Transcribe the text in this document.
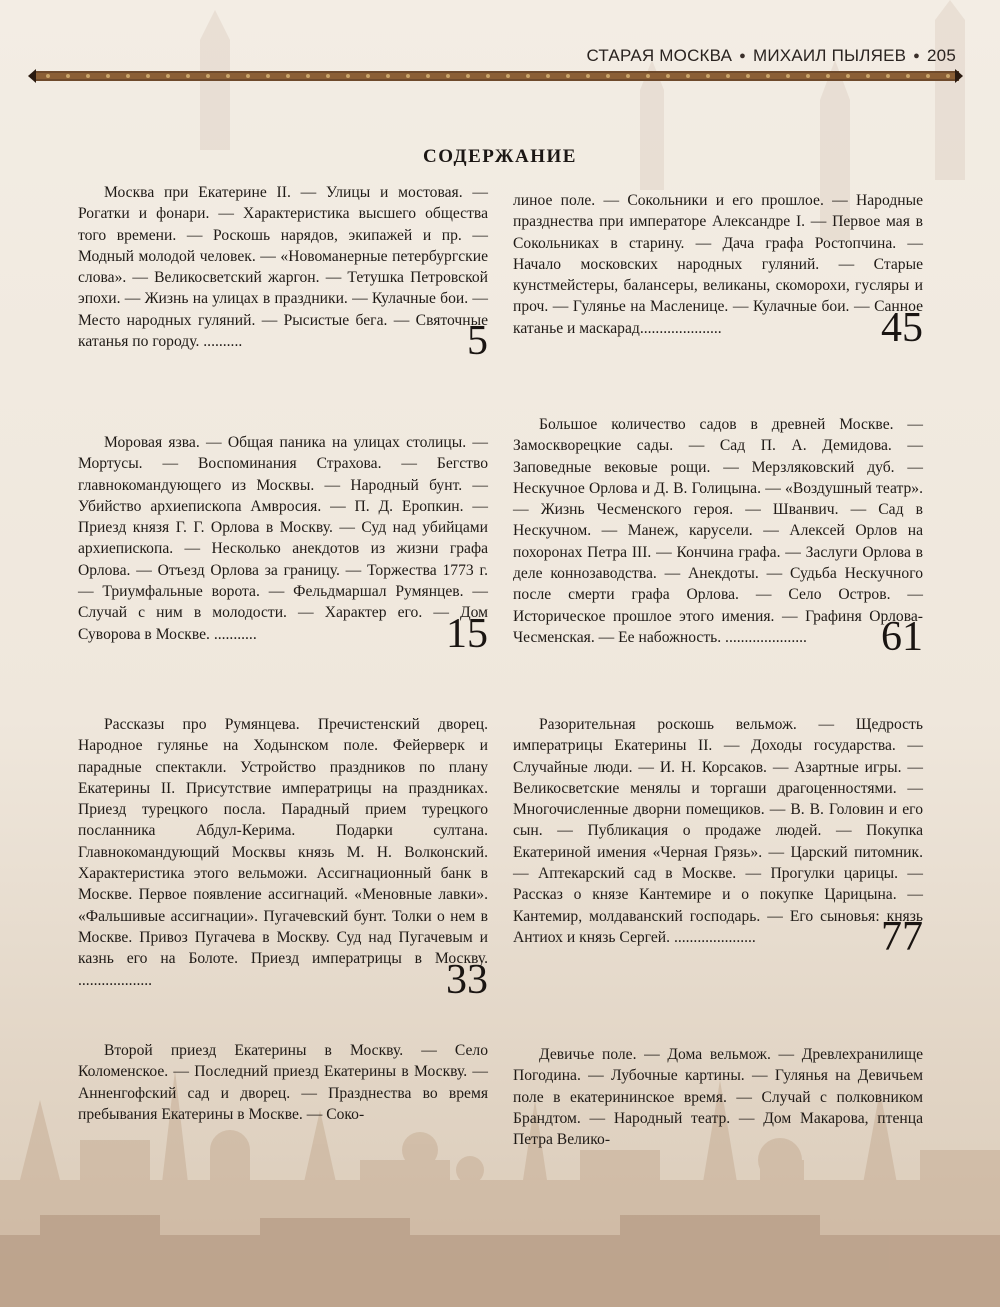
СТАРАЯ МОСКВА ● МИХАИЛ ПЫЛЯЕВ ● 205
СОДЕРЖАНИЕ

Москва при Екатерине II. — Улицы и мостовая. — Рогатки и фонари. — Характеристика высшего общества того времени. — Роскошь нарядов, экипажей и пр. — Модный молодой человек. — «Новоманерные петербургские слова». — Великосветский жаргон. — Тетушка Петровской эпохи. — Жизнь на улицах в праздники. — Кулачные бои. — Место народных гуляний. — Рысистые бега. — Святочные катанья по городу. ..........	5

Моровая язва. — Общая паника на улицах столицы. — Мортусы. — Воспоминания Страхова. — Бегство главнокомандующего из Москвы. — Народный бунт. — Убийство архиепископа Амвросия. — П. Д. Еропкин. — Приезд князя Г. Г. Орлова в Москву. — Суд над убийцами архиепископа. — Несколько анекдотов из жизни графа Орлова. — Отъезд Орлова за границу. — Торжества 1773 г. — Триумфальные ворота. — Фельдмаршал Румянцев. — Случай с ним в молодости. — Характер его. — Дом Суворова в Москве. ...........	15

Рассказы про Румянцева. Пречистенский дворец. Народное гулянье на Ходынском поле. Фейерверк и парадные спектакли. Устройство праздников по плану Екатерины II. Присутствие императрицы на праздниках. Приезд турецкого посла. Парадный прием турецкого посланника Абдул-Керима. Подарки султана. Главнокомандующий Москвы князь М. Н. Волконский. Характеристика этого вельможи. Ассигнационный банк в Москве. Первое появление ассигнаций. «Меновные лавки». «Фальшивые ассигнации». Пугачевский бунт. Толки о нем в Москве. Привоз Пугачева в Москву. Суд над Пугачевым и казнь его на Болоте. Приезд императрицы в Москву. ...................	33

Второй приезд Екатерины в Москву. — Село Коломенское. — Последний приезд Екатерины в Москву. — Анненгофский сад и дворец. — Празднества во время пребывания Екатерины в Москве. — Соко-

линое поле. — Сокольники и его прошлое. — Народные празднества при императоре Александре I. — Первое мая в Сокольниках в старину. — Дача графа Ростопчина. — Начало московских народных гуляний. — Старые кунстмейстеры, балансеры, великаны, скоморохи, гусляры и проч. — Гулянье на Масленице. — Кулачные бои. — Санное катанье и маскарад.....................	45

Большое количество садов в древней Москве. — Замоскворецкие сады. — Сад П. А. Демидова. — Заповедные вековые рощи. — Мерзляковский дуб. — Нескучное Орлова и Д. В. Голицына. — «Воздушный театр». — Жизнь Чесменского героя. — Шванвич. — Сад в Нескучном. — Манеж, карусели. — Алексей Орлов на похоронах Петра III. — Кончина графа. — Заслуги Орлова в деле коннозаводства. — Анекдоты. — Судьба Нескучного после смерти графа Орлова. — Село Остров. — Историческое прошлое этого имения. — Графиня Орлова-Чесменская. — Ее набожность. .....................	61

Разорительная роскошь вельмож. — Щедрость императрицы Екатерины II. — Доходы государства. — Случайные люди. — И. Н. Корсаков. — Азартные игры. — Великосветские менялы и торгаши драгоценностями. — Многочисленные дворни помещиков. — В. В. Головин и его сын. — Публикация о продаже людей. — Покупка Екатериной имения «Черная Грязь». — Царский питомник. — Аптекарский сад в Москве. — Прогулки царицы. — Рассказ о князе Кантемире и о покупке Царицына. — Кантемир, молдаванский господарь. — Его сыновья: князь Антиох и князь Сергей. .....................	77

Девичье поле. — Дома вельмож. — Древлехранилище Погодина. — Лубочные картины. — Гулянья на Девичьем поле в екатерининское время. — Случай с полковником Брандтом. — Народный театр. — Дом Макарова, птенца Петра Велико-
